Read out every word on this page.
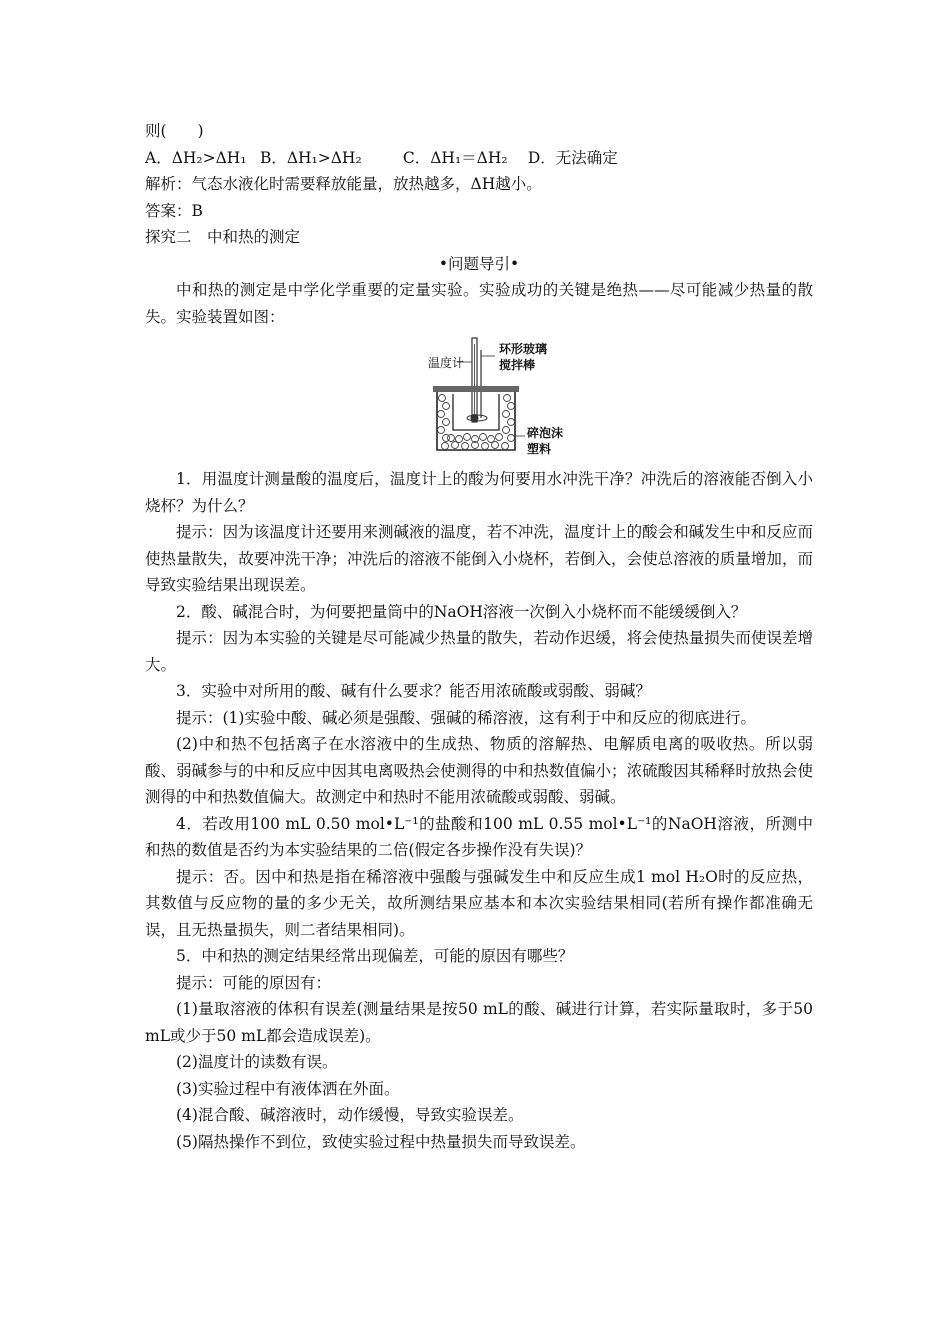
则(　　)
A．ΔH₂>ΔH₁ B．ΔH₁>ΔH₂	C．ΔH₁＝ΔH₂ D．无法确定
解析：气态水液化时需要释放能量，放热越多，ΔH越小。
答案：B
探究二　中和热的测定
•问题导引•
中和热的测定是中学化学重要的定量实验。实验成功的关键是绝热——尽可能减少热量的散失。实验装置如图：
温度计
环形玻璃
搅拌棒
碎泡沫
塑料
1．用温度计测量酸的温度后，温度计上的酸为何要用水冲洗干净？冲洗后的溶液能否倒入小烧杯？为什么？
提示：因为该温度计还要用来测碱液的温度，若不冲洗，温度计上的酸会和碱发生中和反应而使热量散失，故要冲洗干净；冲洗后的溶液不能倒入小烧杯，若倒入，会使总溶液的质量增加，而导致实验结果出现误差。
2．酸、碱混合时，为何要把量筒中的NaOH溶液一次倒入小烧杯而不能缓缓倒入？
提示：因为本实验的关键是尽可能减少热量的散失，若动作迟缓，将会使热量损失而使误差增大。
3．实验中对所用的酸、碱有什么要求？能否用浓硫酸或弱酸、弱碱？
提示：(1)实验中酸、碱必须是强酸、强碱的稀溶液，这有利于中和反应的彻底进行。
(2)中和热不包括离子在水溶液中的生成热、物质的溶解热、电解质电离的吸收热。所以弱酸、弱碱参与的中和反应中因其电离吸热会使测得的中和热数值偏小；浓硫酸因其稀释时放热会使测得的中和热数值偏大。故测定中和热时不能用浓硫酸或弱酸、弱碱。
4．若改用100 mL 0.50 mol•L⁻¹的盐酸和100 mL 0.55 mol•L⁻¹的NaOH溶液，所测中和热的数值是否约为本实验结果的二倍(假定各步操作没有失误)？
提示：否。因中和热是指在稀溶液中强酸与强碱发生中和反应生成1 mol H₂O时的反应热，其数值与反应物的量的多少无关，故所测结果应基本和本次实验结果相同(若所有操作都准确无误，且无热量损失，则二者结果相同)。
5．中和热的测定结果经常出现偏差，可能的原因有哪些？
提示：可能的原因有：
(1)量取溶液的体积有误差(测量结果是按50 mL的酸、碱进行计算，若实际量取时，多于50 mL或少于50 mL都会造成误差)。
(2)温度计的读数有误。
(3)实验过程中有液体洒在外面。
(4)混合酸、碱溶液时，动作缓慢，导致实验误差。
(5)隔热操作不到位，致使实验过程中热量损失而导致误差。
